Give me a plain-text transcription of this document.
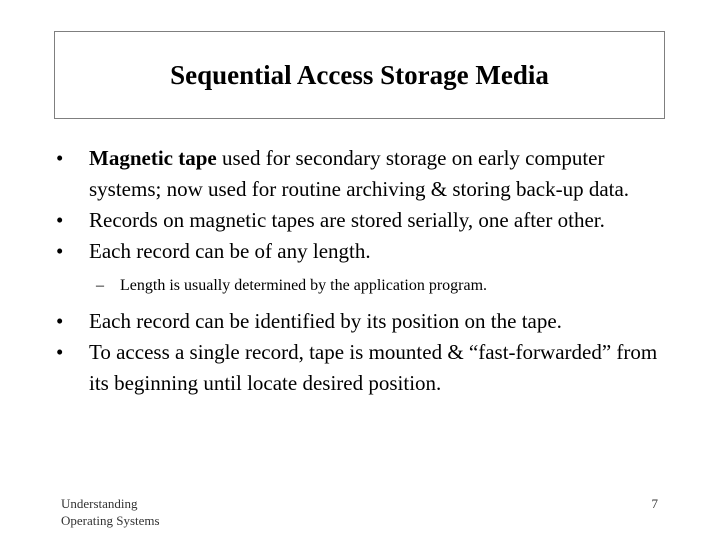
Sequential Access Storage Media
•	Magnetic tape used for secondary storage on early computer systems; now used for routine archiving & storing back-up data.
•	Records on magnetic tapes are stored serially, one after other.
•	Each record can be of any length.
– Length is usually determined by the application program.
•	Each record can be identified by its position on the tape.
•	To access a single record, tape is mounted & “fast-forwarded” from its beginning until locate desired position.
Understanding
Operating Systems
7
